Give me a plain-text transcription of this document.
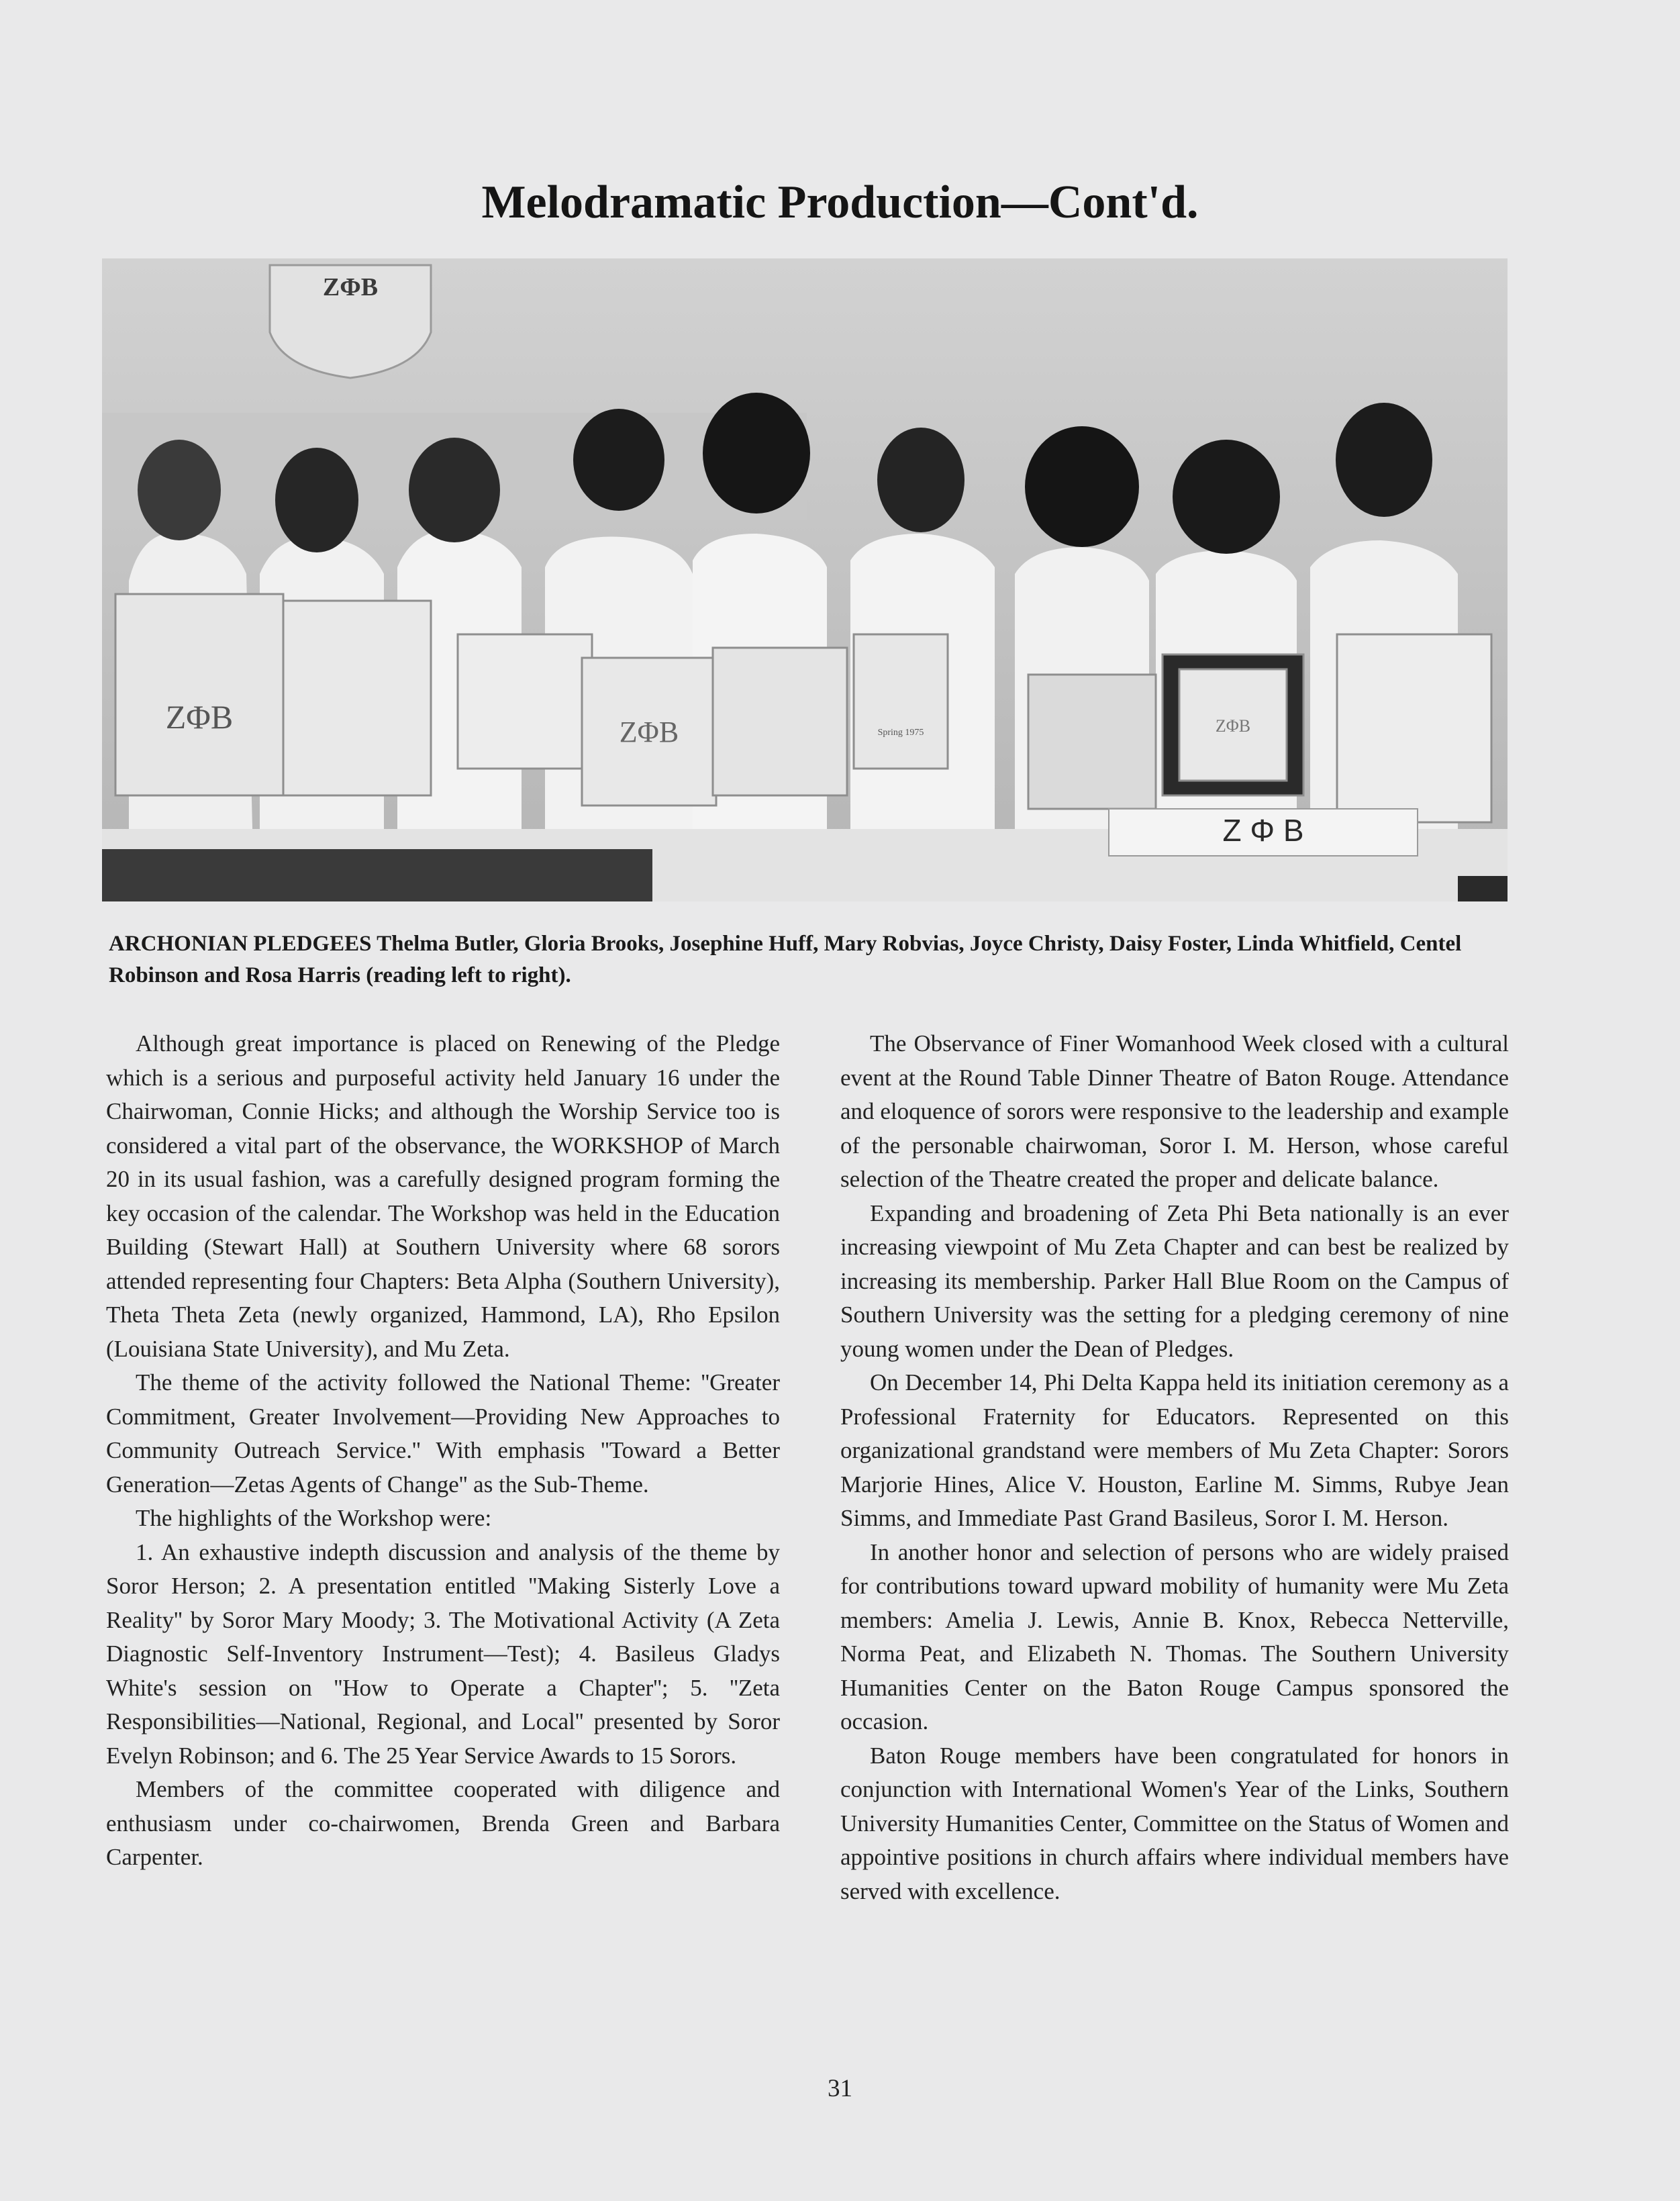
Melodramatic Production—Cont'd.
ZΦB
ZΦB	ZΦB	Spring 1975	ZΦB
Z Φ B

ARCHONIAN PLEDGEES Thelma Butler, Gloria Brooks, Josephine Huff, Mary Robvias, Joyce Christy, Daisy Foster, Linda Whitfield, Centel Robinson and Rosa Harris (reading left to right).

Although great importance is placed on Renewing of the Pledge which is a serious and purposeful activity held January 16 under the Chairwoman, Connie Hicks; and although the Worship Service too is considered a vital part of the observance, the WORKSHOP of March 20 in its usual fashion, was a carefully designed program forming the key occasion of the calendar. The Workshop was held in the Education Building (Stewart Hall) at Southern University where 68 sorors attended representing four Chapters: Beta Alpha (Southern University), Theta Theta Zeta (newly organized, Hammond, LA), Rho Epsilon (Louisiana State University), and Mu Zeta.

The theme of the activity followed the National Theme: ''Greater Commitment, Greater Involvement—Providing New Approaches to Community Outreach Service.'' With emphasis ''Toward a Better Generation—Zetas Agents of Change'' as the Sub-Theme.

The highlights of the Workshop were:

1. An exhaustive indepth discussion and analysis of the theme by Soror Herson; 2. A presentation entitled ''Making Sisterly Love a Reality'' by Soror Mary Moody; 3. The Motivational Activity (A Zeta Diagnostic Self-Inventory Instrument—Test); 4. Basileus Gladys White's session on ''How to Operate a Chapter''; 5. ''Zeta Responsibilities—National, Regional, and Local'' presented by Soror Evelyn Robinson; and 6. The 25 Year Service Awards to 15 Sorors.

Members of the committee cooperated with diligence and enthusiasm under co-chairwomen, Brenda Green and Barbara Carpenter.

The Observance of Finer Womanhood Week closed with a cultural event at the Round Table Dinner Theatre of Baton Rouge. Attendance and eloquence of sorors were responsive to the leadership and example of the personable chairwoman, Soror I. M. Herson, whose careful selection of the Theatre created the proper and delicate balance.

Expanding and broadening of Zeta Phi Beta nationally is an ever increasing viewpoint of Mu Zeta Chapter and can best be realized by increasing its membership. Parker Hall Blue Room on the Campus of Southern University was the setting for a pledging ceremony of nine young women under the Dean of Pledges.

On December 14, Phi Delta Kappa held its initiation ceremony as a Professional Fraternity for Educators. Represented on this organizational grandstand were members of Mu Zeta Chapter: Sorors Marjorie Hines, Alice V. Houston, Earline M. Simms, Rubye Jean Simms, and Immediate Past Grand Basileus, Soror I. M. Herson.

In another honor and selection of persons who are widely praised for contributions toward upward mobility of humanity were Mu Zeta members: Amelia J. Lewis, Annie B. Knox, Rebecca Netterville, Norma Peat, and Elizabeth N. Thomas. The Southern University Humanities Center on the Baton Rouge Campus sponsored the occasion.

Baton Rouge members have been congratulated for honors in conjunction with International Women's Year of the Links, Southern University Humanities Center, Committee on the Status of Women and appointive positions in church affairs where individual members have served with excellence.

31
